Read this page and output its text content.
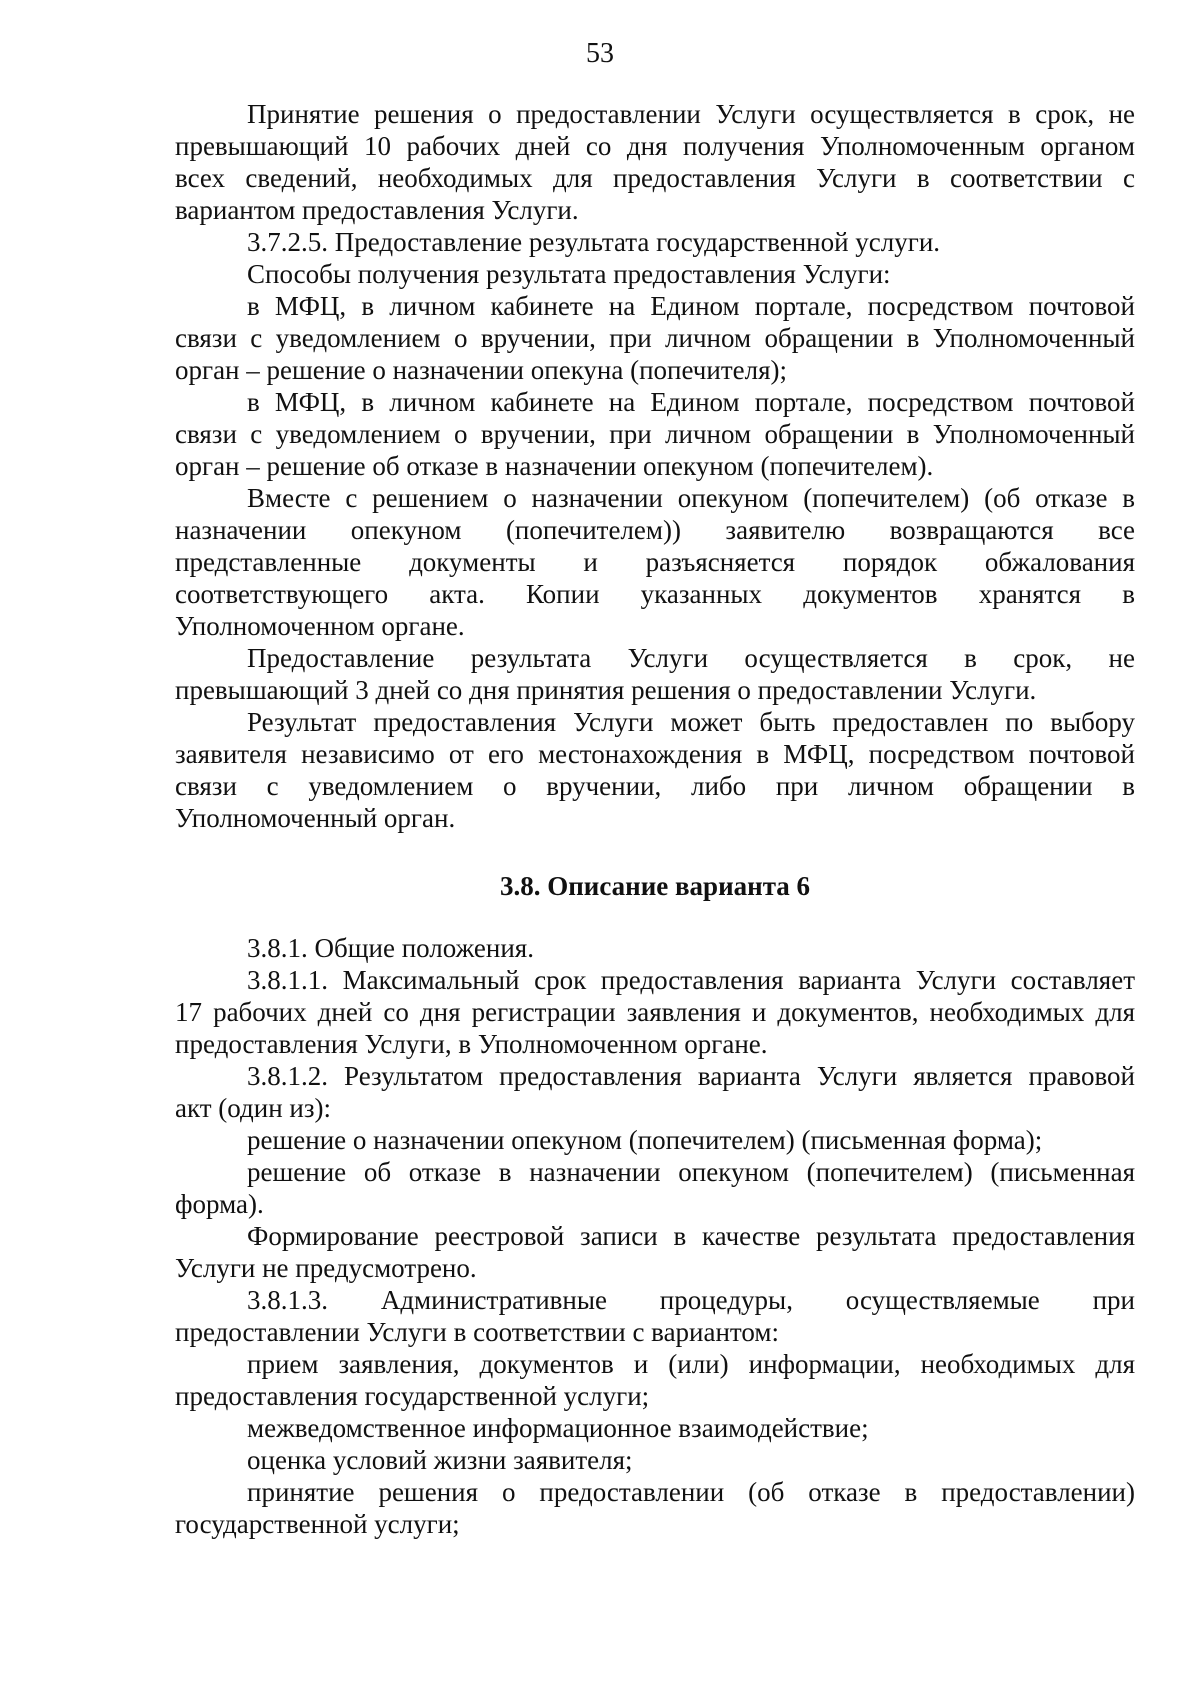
53
Принятие решения о предоставлении Услуги осуществляется в срок, не
превышающий 10 рабочих дней со дня получения Уполномоченным органом
всех сведений, необходимых для предоставления Услуги в соответствии с
вариантом предоставления Услуги.
3.7.2.5. Предоставление результата государственной услуги.
Способы получения результата предоставления Услуги:
в МФЦ, в личном кабинете на Едином портале, посредством почтовой
связи с уведомлением о вручении, при личном обращении в Уполномоченный
орган – решение о назначении опекуна (попечителя);
в МФЦ, в личном кабинете на Едином портале, посредством почтовой
связи с уведомлением о вручении, при личном обращении в Уполномоченный
орган – решение об отказе в назначении опекуном (попечителем).
Вместе с решением о назначении опекуном (попечителем) (об отказе в
назначении опекуном (попечителем)) заявителю возвращаются все
представленные документы и разъясняется порядок обжалования
соответствующего акта. Копии указанных документов хранятся в
Уполномоченном органе.
Предоставление результата Услуги осуществляется в срок, не
превышающий 3 дней со дня принятия решения о предоставлении Услуги.
Результат предоставления Услуги может быть предоставлен по выбору
заявителя независимо от его местонахождения в МФЦ, посредством почтовой
связи с уведомлением о вручении, либо при личном обращении в
Уполномоченный орган.
3.8. Описание варианта 6
3.8.1. Общие положения.
3.8.1.1. Максимальный срок предоставления варианта Услуги составляет
17 рабочих дней со дня регистрации заявления и документов, необходимых для
предоставления Услуги, в Уполномоченном органе.
3.8.1.2. Результатом предоставления варианта Услуги является правовой
акт (один из):
решение о назначении опекуном (попечителем) (письменная форма);
решение об отказе в назначении опекуном (попечителем) (письменная
форма).
Формирование реестровой записи в качестве результата предоставления
Услуги не предусмотрено.
3.8.1.3. Административные процедуры, осуществляемые при
предоставлении Услуги в соответствии с вариантом:
прием заявления, документов и (или) информации, необходимых для
предоставления государственной услуги;
межведомственное информационное взаимодействие;
оценка условий жизни заявителя;
принятие решения о предоставлении (об отказе в предоставлении)
государственной услуги;
